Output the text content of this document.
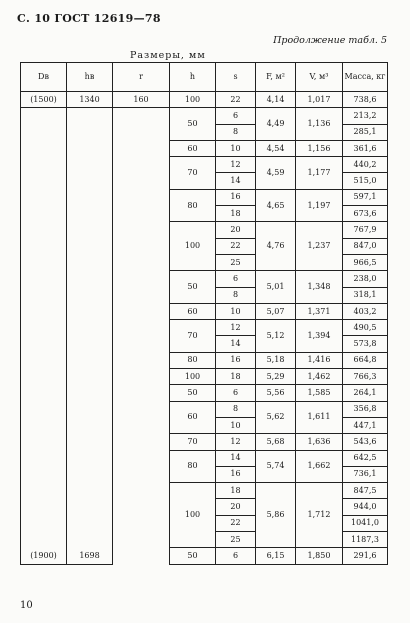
С. 10 ГОСТ 12619—78
Продолжение табл. 5
Размеры, мм
Dв	hв	r	h	s	F, м²	V, м³	Масса, кг
(1500)	1340	160	100	22	4,14	1,017	738,6
			50	6	4,49	1,136	213,2
				8			285,1
			60	10	4,54	1,156	361,6
			70	12	4,59	1,177	440,2
				14			515,0
			80	16	4,65	1,197	597,1
				18			673,6
			100	20	4,76	1,237	767,9
				22			847,0
				25			966,5
			50	6	5,01	1,348	238,0
				8			318,1
			60	10	5,07	1,371	403,2
			70	12	5,12	1,394	490,5
				14			573,8
			80	16	5,18	1,416	664,8
			100	18	5,29	1,462	766,3
			50	6	5,56	1,585	264,1
			60	8	5,62	1,611	356,8
				10			447,1
			70	12	5,68	1,636	543,6
			80	14	5,74	1,662	642,5
				16			736,1
			100	18	5,86	1,712	847,5
				20			944,0
				22			1041,0
				25			1187,3
(1900)	1698		50	6	6,15	1,850	291,6
10
